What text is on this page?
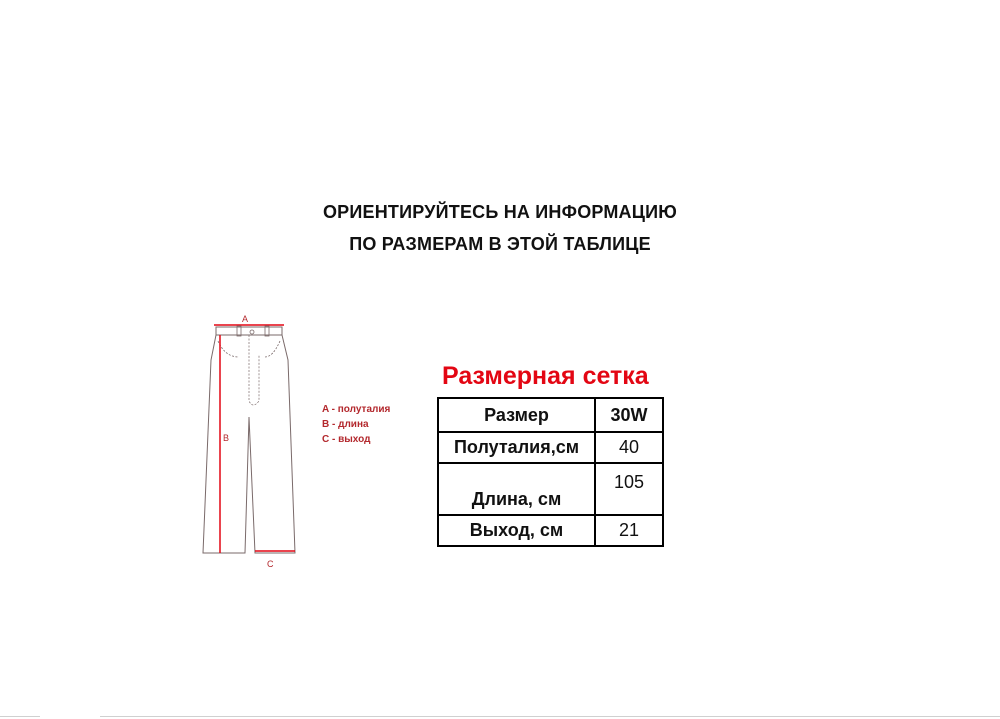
ОРИЕНТИРУЙТЕСЬ НА ИНФОРМАЦИЮ
ПО РАЗМЕРАМ В ЭТОЙ ТАБЛИЦЕ
A
B
C
A - полуталия
B - длина
C - выход
Размерная сетка
Размер	30W
Полуталия,см	40
Длина, см	105
Выход, см	21
